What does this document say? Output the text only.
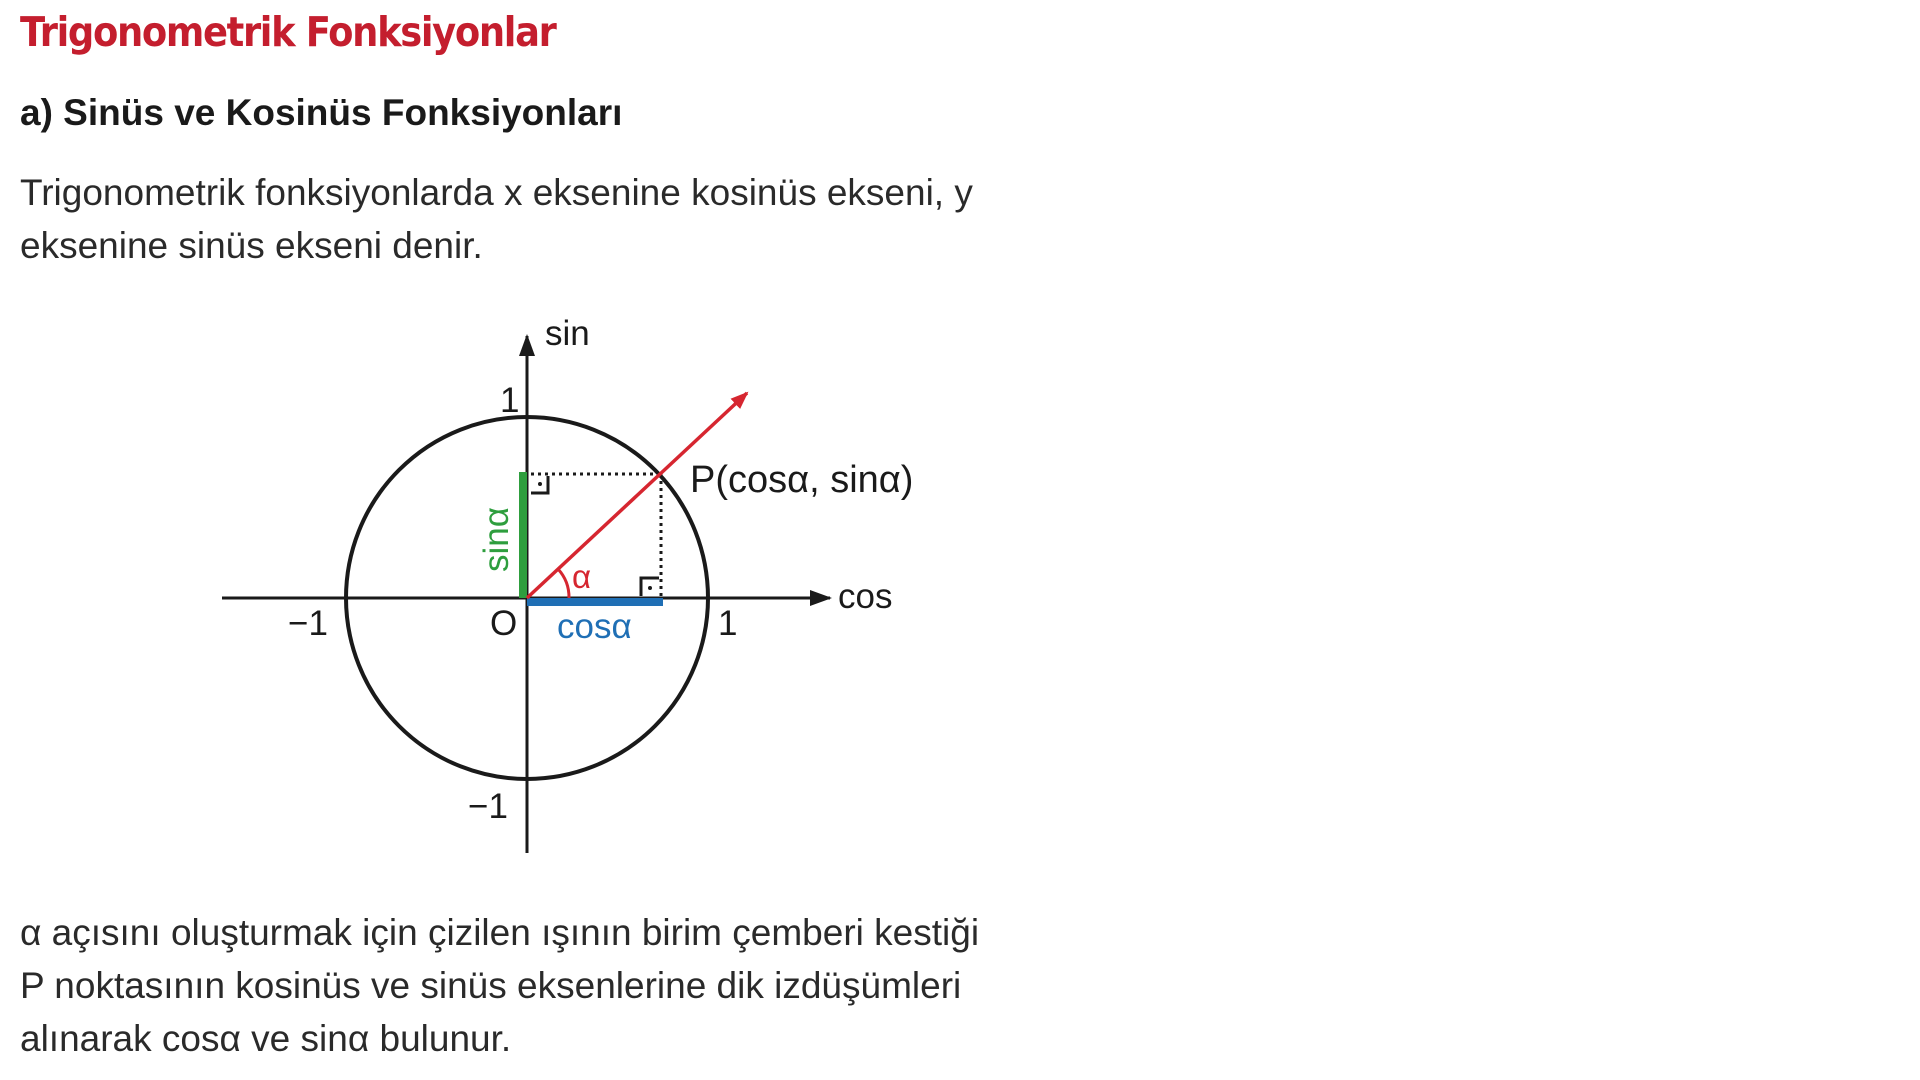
Trigonometrik Fonksiyonlar
a) Sinüs ve Kosinüs Fonksiyonları
Trigonometrik fonksiyonlarda x eksenine kosinüs ekseni, y
eksenine sinüs ekseni denir.
sin
cos
1
−1
1
−1	O
P(cosα, sinα)
α
cosα
sinα
α açısını oluşturmak için çizilen ışının birim çemberi kestiği
P noktasının kosinüs ve sinüs eksenlerine dik izdüşümleri
alınarak cosα ve sinα bulunur.
